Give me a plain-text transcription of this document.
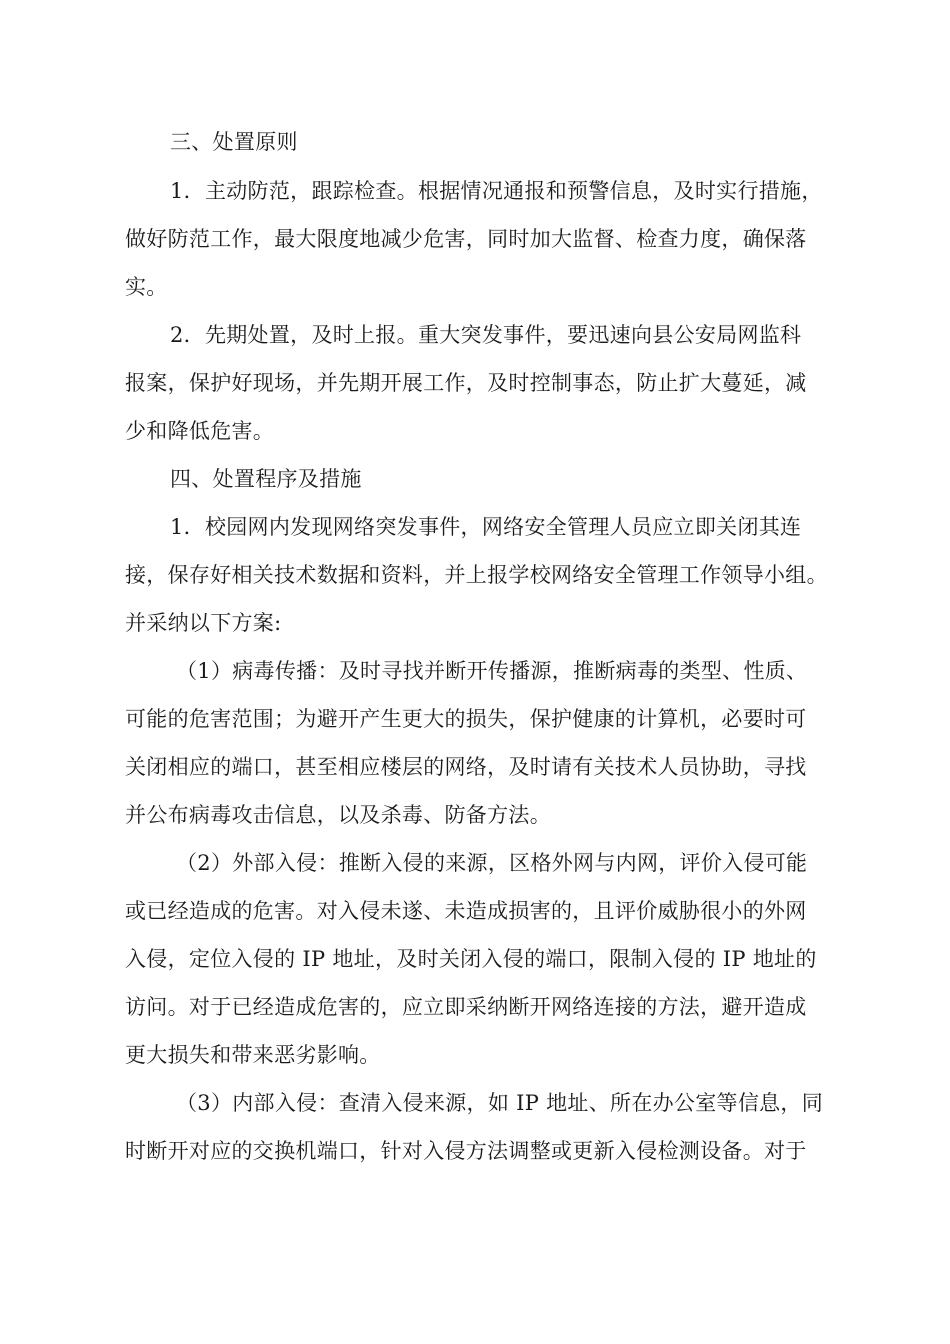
三、处置原则
1．主动防范，跟踪检查。根据情况通报和预警信息，及时实行措施，
做好防范工作，最大限度地减少危害，同时加大监督、检查力度，确保落
实。
2．先期处置，及时上报。重大突发事件，要迅速向县公安局网监科
报案，保护好现场，并先期开展工作，及时控制事态，防止扩大蔓延，减
少和降低危害。
四、处置程序及措施
1．校园网内发现网络突发事件，网络安全管理人员应立即关闭其连
接，保存好相关技术数据和资料，并上报学校网络安全管理工作领导小组。
并采纳以下方案:
（1）病毒传播：及时寻找并断开传播源，推断病毒的类型、性质、
可能的危害范围；为避开产生更大的损失，保护健康的计算机，必要时可
关闭相应的端口，甚至相应楼层的网络，及时请有关技术人员协助，寻找
并公布病毒攻击信息，以及杀毒、防备方法。
（2）外部入侵：推断入侵的来源，区格外网与内网，评价入侵可能
或已经造成的危害。对入侵未遂、未造成损害的，且评价威胁很小的外网
入侵，定位入侵的 IP 地址，及时关闭入侵的端口，限制入侵的 IP 地址的
访问。对于已经造成危害的，应立即采纳断开网络连接的方法，避开造成
更大损失和带来恶劣影响。
（3）内部入侵：查清入侵来源，如 IP 地址、所在办公室等信息，同
时断开对应的交换机端口，针对入侵方法调整或更新入侵检测设备。对于
